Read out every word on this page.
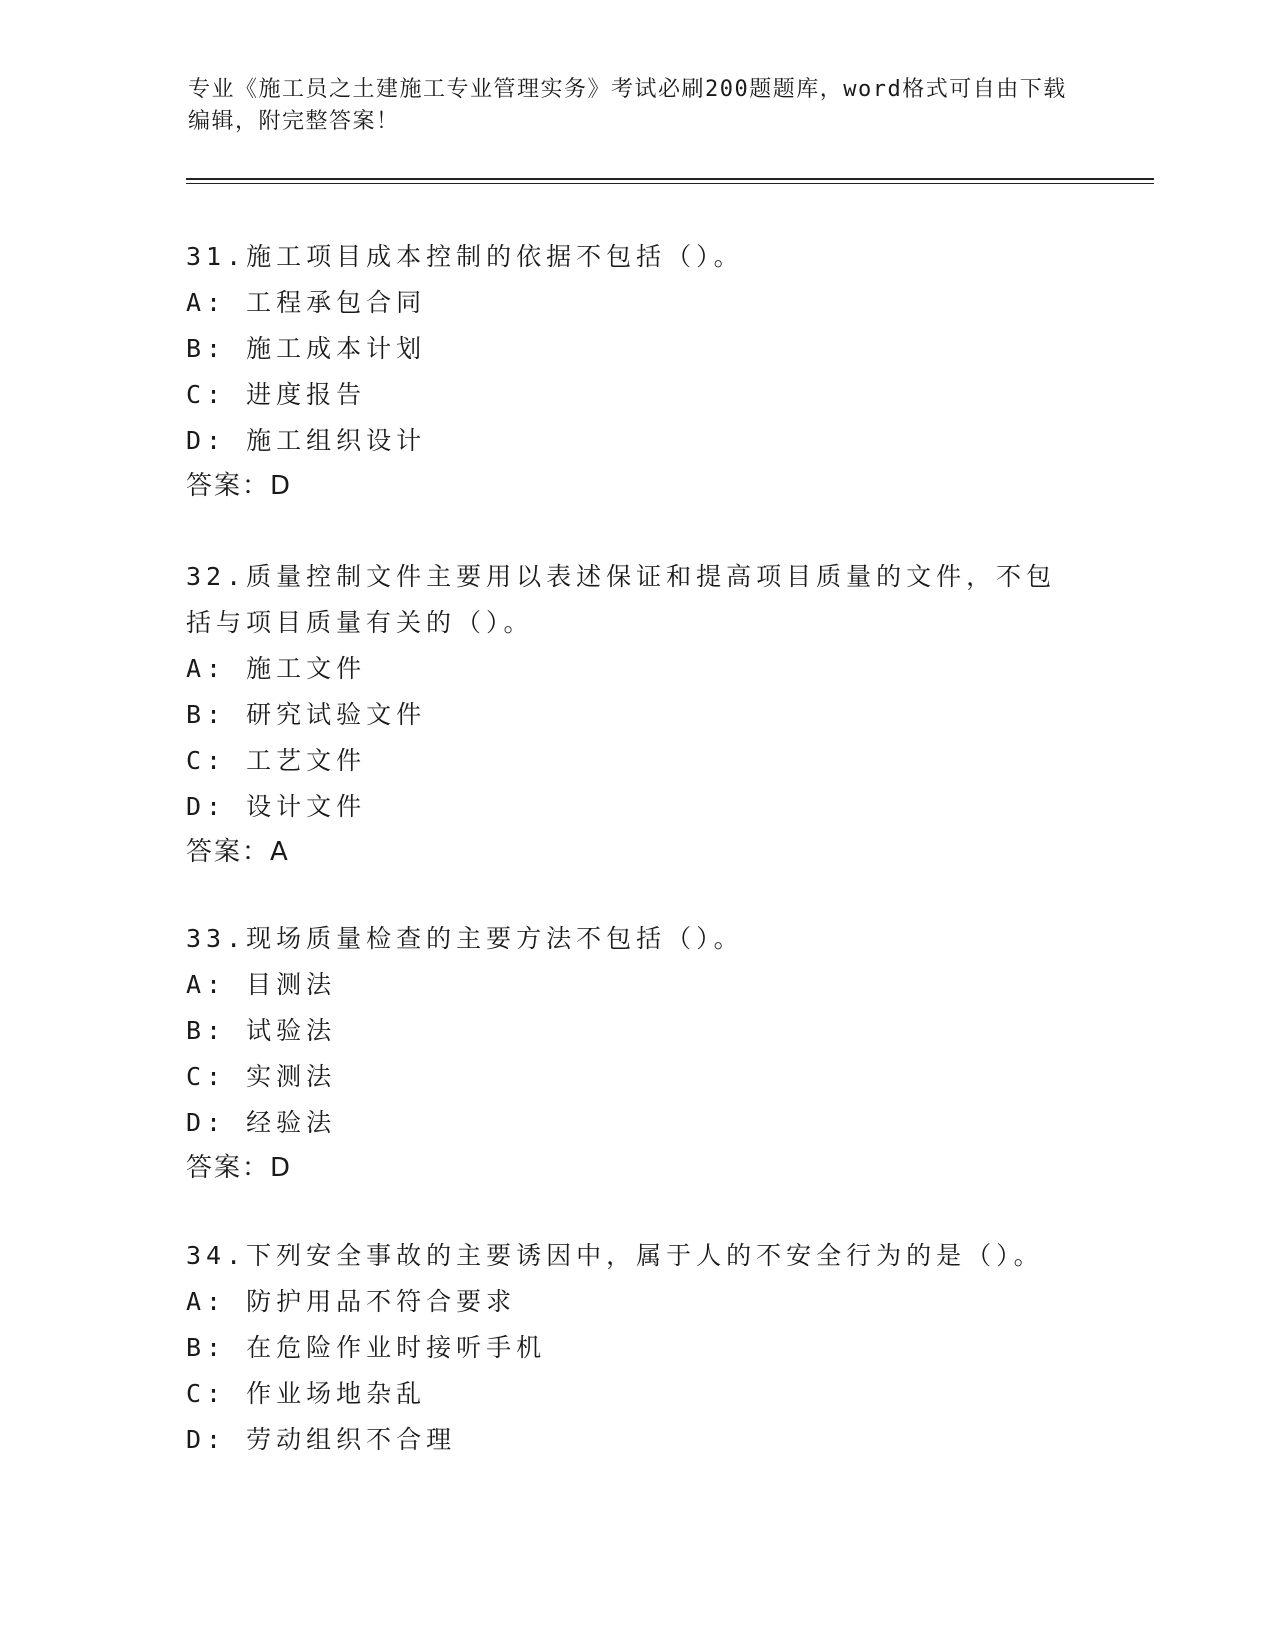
专业《施工员之土建施工专业管理实务》考试必刷200题题库，word格式可自由下载编辑，附完整答案！
31.施工项目成本控制的依据不包括（）。
A: 工程承包合同
B: 施工成本计划
C: 进度报告
D: 施工组织设计
答案：D
32.质量控制文件主要用以表述保证和提高项目质量的文件，不包括与项目质量有关的（）。
A: 施工文件
B: 研究试验文件
C: 工艺文件
D: 设计文件
答案：A
33.现场质量检查的主要方法不包括（）。
A: 目测法
B: 试验法
C: 实测法
D: 经验法
答案：D
34.下列安全事故的主要诱因中，属于人的不安全行为的是（）。
A: 防护用品不符合要求
B: 在危险作业时接听手机
C: 作业场地杂乱
D: 劳动组织不合理
